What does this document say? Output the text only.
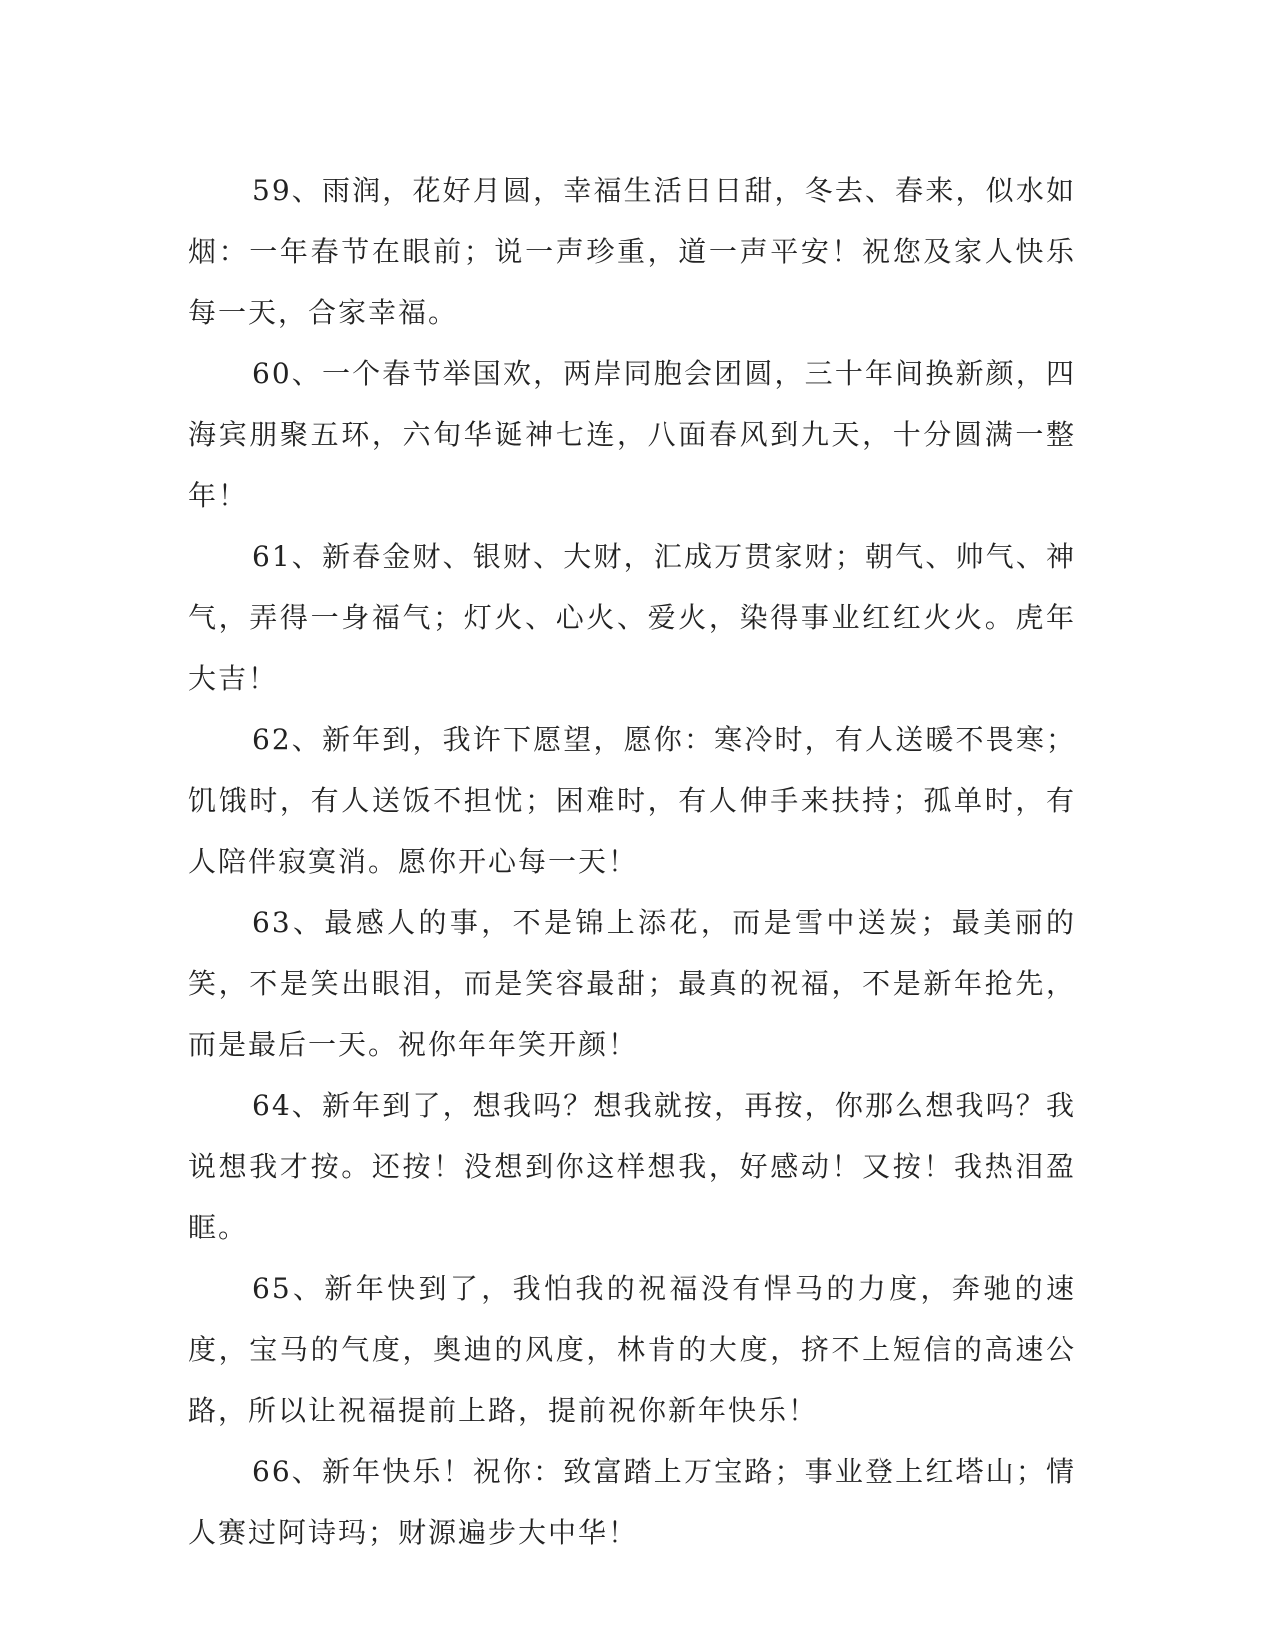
59、雨润，花好月圆，幸福生活日日甜，冬去、春来，似水如烟：一年春节在眼前；说一声珍重，道一声平安！祝您及家人快乐每一天，合家幸福。

60、一个春节举国欢，两岸同胞会团圆，三十年间换新颜，四海宾朋聚五环，六旬华诞神七连，八面春风到九天，十分圆满一整年！

61、新春金财、银财、大财，汇成万贯家财；朝气、帅气、神气，弄得一身福气；灯火、心火、爱火，染得事业红红火火。虎年大吉！

62、新年到，我许下愿望，愿你：寒冷时，有人送暖不畏寒；饥饿时，有人送饭不担忧；困难时，有人伸手来扶持；孤单时，有人陪伴寂寞消。愿你开心每一天！

63、最感人的事，不是锦上添花，而是雪中送炭；最美丽的笑，不是笑出眼泪，而是笑容最甜；最真的祝福，不是新年抢先，而是最后一天。祝你年年笑开颜！

64、新年到了，想我吗？想我就按，再按，你那么想我吗？我说想我才按。还按！没想到你这样想我，好感动！又按！我热泪盈眶。

65、新年快到了，我怕我的祝福没有悍马的力度，奔驰的速度，宝马的气度，奥迪的风度，林肯的大度，挤不上短信的高速公路，所以让祝福提前上路，提前祝你新年快乐！

66、新年快乐！祝你：致富踏上万宝路；事业登上红塔山；情人赛过阿诗玛；财源遍步大中华！
